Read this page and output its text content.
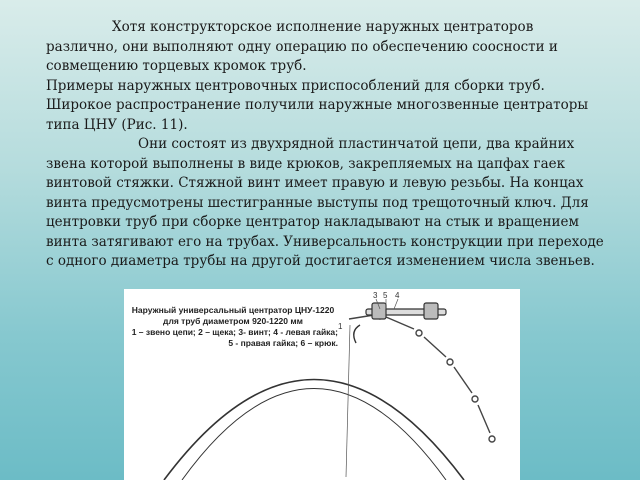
Хотя конструкторское исполнение наружных центраторов различно, они выполняют одну операцию по обеспечению соосности и совмещению торцевых кромок труб.

Примеры наружных центровочных приспособлений для сборки труб.

Широкое распространение получили наружные многозвенные центраторы типа ЦНУ (Рис. 11).

Они состоят из двухрядной пластинчатой цепи, два крайних звена которой выполнены в виде крюков, закрепляемых на цапфах гаек винтовой стяжки. Стяжной винт имеет правую и левую резьбы. На концах винта предусмотрены шестигранные выступы под трещоточный ключ. Для центровки труб при сборке центратор накладывают на стык и вращением винта затягивают его на трубах. Универсальность конструкции при переходе с одного диаметра трубы на другой достигается изменением числа звеньев.

3 5 4
1
Наружный универсальный центратор ЦНУ-1220
для труб диаметром 920-1220 мм
1 – звено цепи; 2 – щека; 3- винт; 4 - левая гайка;
5 - правая гайка; 6 – крюк.
